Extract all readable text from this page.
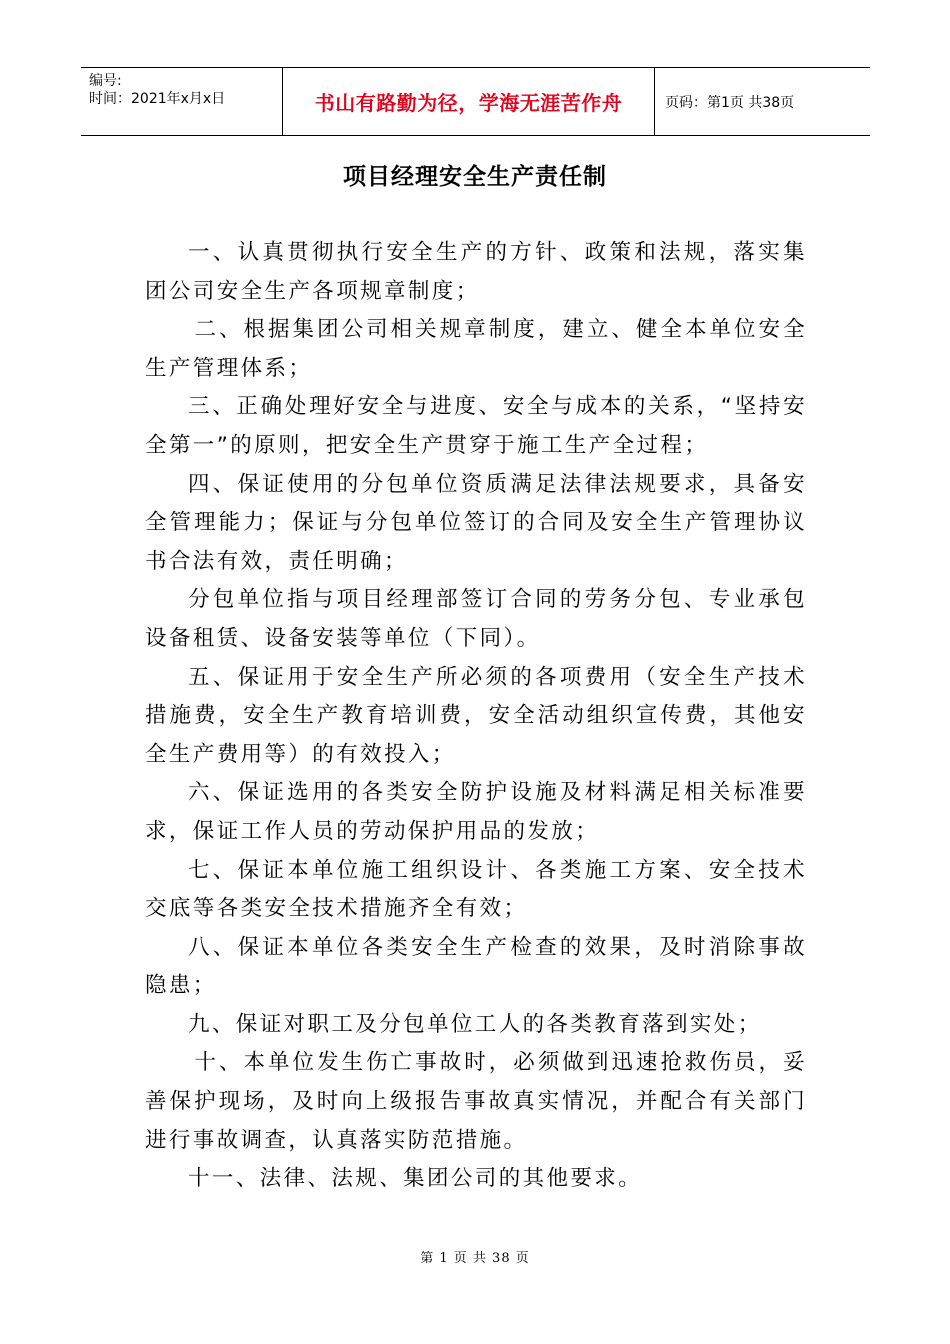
编号:
时间：2021年x月x日	书山有路勤为径，学海无涯苦作舟	页码：第1页 共38页
项目经理安全生产责任制

一、认真贯彻执行安全生产的方针、政策和法规，落实集团公司安全生产各项规章制度；

二、根据集团公司相关规章制度，建立、健全本单位安全生产管理体系；

三、正确处理好安全与进度、安全与成本的关系，“坚持安全第一”的原则，把安全生产贯穿于施工生产全过程；

四、保证使用的分包单位资质满足法律法规要求，具备安全管理能力；保证与分包单位签订的合同及安全生产管理协议书合法有效，责任明确；

分包单位指与项目经理部签订合同的劳务分包、专业承包设备租赁、设备安装等单位（下同）。

五、保证用于安全生产所必须的各项费用（安全生产技术措施费，安全生产教育培训费，安全活动组织宣传费，其他安全生产费用等）的有效投入；

六、保证选用的各类安全防护设施及材料满足相关标准要求，保证工作人员的劳动保护用品的发放；

七、保证本单位施工组织设计、各类施工方案、安全技术交底等各类安全技术措施齐全有效；

八、保证本单位各类安全生产检查的效果，及时消除事故隐患；

九、保证对职工及分包单位工人的各类教育落到实处；

十、本单位发生伤亡事故时，必须做到迅速抢救伤员，妥善保护现场，及时向上级报告事故真实情况，并配合有关部门进行事故调查，认真落实防范措施。

十一、法律、法规、集团公司的其他要求。

第 1 页 共 38 页
